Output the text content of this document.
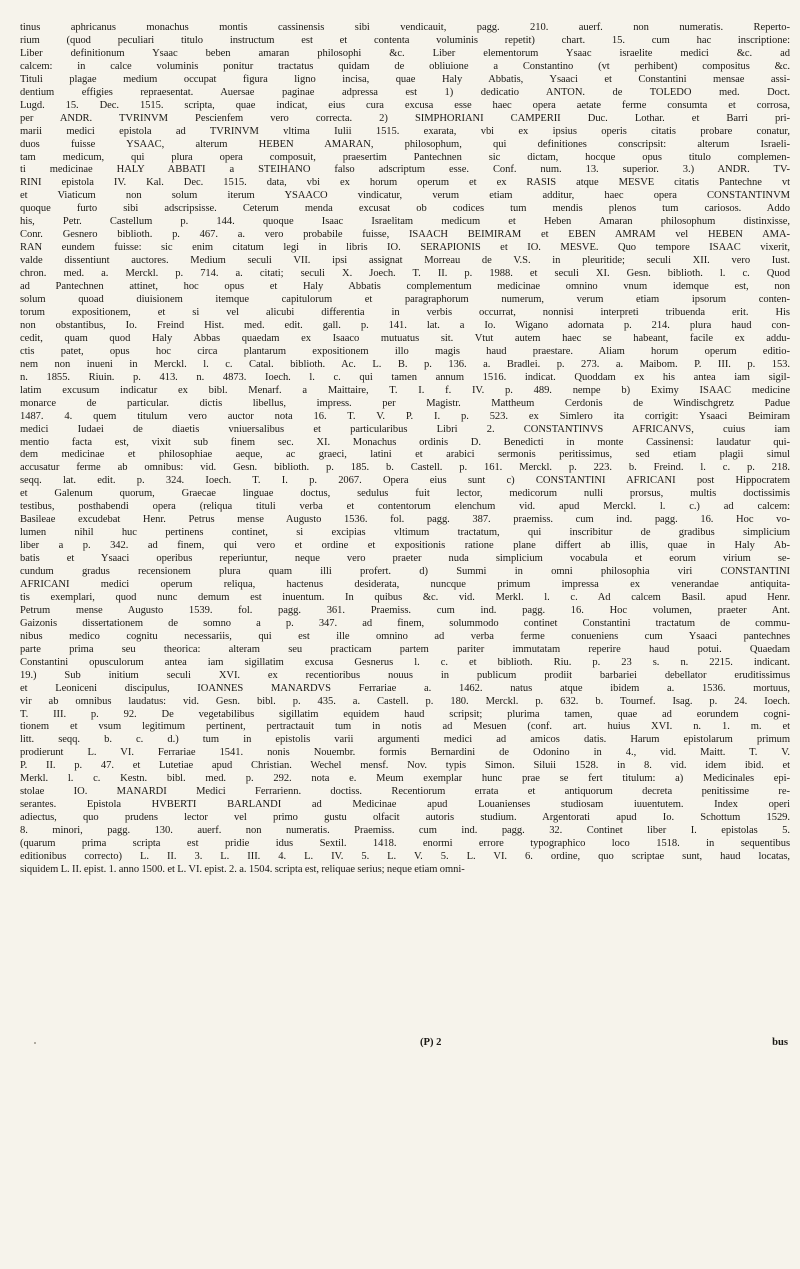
tinus aphricanus monachus montis cassinensis sibi vendicauit, pagg. 210. auerf. non numeratis. Reperto-
rium (quod peculiari titulo instructum est et contenta voluminis repetit) chart. 15. cum hac inscriptione:
Liber definitionum Ysaac beben amaran philosophi &c. Liber elementorum Ysaac israelite medici &c. ad
calcem: in calce voluminis ponitur tractatus quidam de obliuione a Constantino (vt perhibent) compositus &c.
Tituli plagae medium occupat figura ligno incisa, quae Haly Abbatis, Ysaaci et Constantini mensae assi-
dentium effigies repraesentat. Auersae paginae adpressa est 1) dedicatio ANTON. de TOLEDO med. Doct.
Lugd. 15. Dec. 1515. scripta, quae indicat, eius cura excusa esse haec opera aetate ferme consumta et corrosa,
per ANDR. TVRINVM Pescienfem vero correcta. 2) SIMPHORIANI CAMPERII Duc. Lothar. et Barri pri-
marii medici epistola ad TVRINVM vltima Iulii 1515. exarata, vbi ex ipsius operis citatis probare conatur,
duos fuisse YSAAC, alterum HEBEN AMARAN, philosophum, qui definitiones conscripsit: alterum Israeli-
tam medicum, qui plura opera composuit, praesertim Pantechnen sic dictam, hocque opus titulo complemen-
ti medicinae HALY ABBATI a STEIHANO falso adscriptum esse. Conf. num. 13. superior. 3.) ANDR. TV-
RINI epistola IV. Kal. Dec. 1515. data, vbi ex horum operum et ex RASIS atque MESVE citatis Pantechne vt
et Viaticum non solum iterum YSAACO vindicatur, verum etiam additur, haec opera CONSTANTINVM
quoque furto sibi adscripsisse. Ceterum menda excusat ob codices tum mendis plenos tum cariosos. Addo
his, Petr. Castellum p. 144. quoque Isaac Israelitam medicum et Heben Amaran philosophum distinxisse,
Conr. Gesnero biblioth. p. 467. a. vero probabile fuisse, ISAACH BEIMIRAM et EBEN AMRAM vel HEBEN AMA-
RAN eundem fuisse: sic enim citatum legi in libris IO. SERAPIONIS et IO. MESVE. Quo tempore ISAAC vixerit,
valde dissentiunt auctores. Medium seculi VII. ipsi assignat Morreau de V.S. in pleuritide; seculi XII. vero Iust.
chron. med. a. Merckl. p. 714. a. citati; seculi X. Joech. T. II. p. 1988. et seculi XI. Gesn. biblioth. l. c. Quod
ad Pantechnen attinet, hoc opus et Haly Abbatis complementum medicinae omnino vnum idemque est, non
solum quoad diuisionem itemque capitulorum et paragraphorum numerum, verum etiam ipsorum conten-
torum expositionem, et si vel alicubi differentia in verbis occurrat, nonnisi interpreti tribuenda erit. His
non obstantibus, Io. Freind Hist. med. edit. gall. p. 141. lat. a Io. Wigano adornata p. 214. plura haud con-
cedit, quam quod Haly Abbas quaedam ex Isaaco mutuatus sit. Vtut autem haec se habeant, facile ex addu-
ctis patet, opus hoc circa plantarum expositionem illo magis haud praestare. Aliam horum operum editio-
nem non inueni in Merckl. l. c. Catal. biblioth. Ac. L. B. p. 136. a. Bradlei. p. 273. a. Maibom. P. III. p. 153.
n. 1855. Riuin. p. 413. n. 4873. Ioech. l. c. qui tamen annum 1516. indicat. Quoddam ex his antea iam sigil-
latim excusum indicatur ex bibl. Menarf. a Maittaire, T. I. f. IV. p. 489. nempe b) Eximy ISAAC medicine
monarce de particular. dictis libellus, impress. per Magistr. Mattheum Cerdonis de Windischgretz Padue
1487. 4. quem titulum vero auctor nota 16. T. V. P. I. p. 523. ex Simlero ita corrigit: Ysaaci Beimiram
medici Iudaei de diaetis vniuersalibus et particularibus Libri 2. CONSTANTINVS AFRICANVS, cuius iam
mentio facta est, vixit sub finem sec. XI. Monachus ordinis D. Benedicti in monte Cassinensi: laudatur qui-
dem medicinae et philosophiae aeque, ac graeci, latini et arabici sermonis peritissimus, sed etiam plagii simul
accusatur ferme ab omnibus: vid. Gesn. biblioth. p. 185. b. Castell. p. 161. Merckl. p. 223. b. Freind. l. c. p. 218.
seqq. lat. edit. p. 324. Ioech. T. I. p. 2067. Opera eius sunt c) CONSTANTINI AFRICANI post Hippocratem
et Galenum quorum, Graecae linguae doctus, sedulus fuit lector, medicorum nulli prorsus, multis doctissimis
testibus, posthabendi opera (reliqua tituli verba et contentorum elenchum vid. apud Merckl. l. c.) ad calcem:
Basileae excudebat Henr. Petrus mense Augusto 1536. fol. pagg. 387. praemiss. cum ind. pagg. 16. Hoc vo-
lumen nihil huc pertinens continet, si excipias vltimum tractatum, qui inscribitur de gradibus simplicium
liber a p. 342. ad finem, qui vero et ordine et expositionis ratione plane differt ab illis, quae in Haly Ab-
batis et Ysaaci operibus reperiuntur, neque vero praeter nuda simplicium vocabula et eorum virium se-
cundum gradus recensionem plura quam illi profert. d) Summi in omni philosophia viri CONSTANTINI
AFRICANI medici operum reliqua, hactenus desiderata, nuncque primum impressa ex venerandae antiquita-
tis exemplari, quod nunc demum est inuentum. In quibus &c. vid. Merkl. l. c. Ad calcem Basil. apud Henr.
Petrum mense Augusto 1539. fol. pagg. 361. Praemiss. cum ind. pagg. 16. Hoc volumen, praeter Ant.
Gaizonis dissertationem de somno a p. 347. ad finem, solummodo continet Constantini tractatum de commu-
nibus medico cognitu necessariis, qui est ille omnino ad verba ferme conueniens cum Ysaaci pantechnes
parte prima seu theorica: alteram seu practicam partem pariter immutatam reperire haud potui. Quaedam
Constantini opusculorum antea iam sigillatim excusa Gesnerus l. c. et biblioth. Riu. p. 23 s. n. 2215. indicant.
19.) Sub initium seculi XVI. ex recentioribus nouus in publicum prodiit barbariei debellator eruditissimus
et Leoniceni discipulus, IOANNES MANARDVS Ferrariae a. 1462. natus atque ibidem a. 1536. mortuus,
vir ab omnibus laudatus: vid. Gesn. bibl. p. 435. a. Castell. p. 180. Merckl. p. 632. b. Tournef. Isag. p. 24. Ioech.
T. III. p. 92. De vegetabilibus sigillatim equidem haud scripsit; plurima tamen, quae ad eorundem cogni-
tionem et vsum legitimum pertinent, pertractauit tum in notis ad Mesuen (conf. art. huius XVI. n. 1. m. et
litt. seqq. b. c. d.) tum in epistolis varii argumenti medici ad amicos datis. Harum epistolarum primum
prodierunt L. VI. Ferrariae 1541. nonis Nouembr. formis Bernardini de Odonino in 4., vid. Maitt. T. V.
P. II. p. 47. et Lutetiae apud Christian. Wechel mensf. Nov. typis Simon. Siluii 1528. in 8. vid. idem ibid. et
Merkl. l. c. Kestn. bibl. med. p. 292. nota e. Meum exemplar hunc prae se fert titulum: a) Medicinales epi-
stolae IO. MANARDI Medici Ferrarienn. doctiss. Recentiorum errata et antiquorum decreta penitissime re-
serantes. Epistola HVBERTI BARLANDI ad Medicinae apud Louanienses studiosam iuuentutem. Index operi
adiectus, quo prudens lector vel primo gustu olfacit autoris studium. Argentorati apud Io. Schottum 1529.
8. minori, pagg. 130. auerf. non numeratis. Praemiss. cum ind. pagg. 32. Continet liber I. epistolas 5.
(quarum prima scripta est pridie idus Sextil. 1418. enormi errore typographico loco 1518. in sequentibus
editionibus correcto) L. II. 3. L. III. 4. L. IV. 5. L. V. 5. L. VI. 6. ordine, quo scriptae sunt, haud locatas,
siquidem L. II. epist. 1. anno 1500. et L. VI. epist. 2. a. 1504. scripta est, reliquae serius; neque etiam omni-
(P) 2	bus
